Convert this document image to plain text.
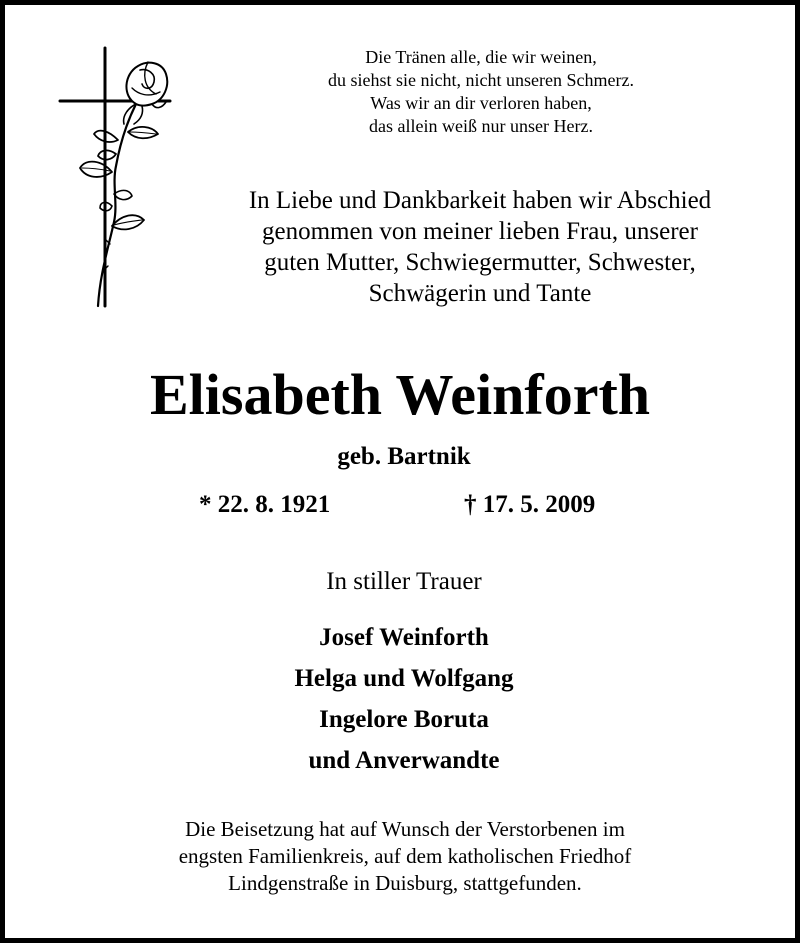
Die Tränen alle, die wir weinen,
du siehst sie nicht, nicht unseren Schmerz.
Was wir an dir verloren haben,
das allein weiß nur unser Herz.
In Liebe und Dankbarkeit haben wir Abschied
genommen von meiner lieben Frau, unserer
guten Mutter, Schwiegermutter, Schwester,
Schwägerin und Tante
Elisabeth Weinforth
geb. Bartnik
* 22. 8. 1921	† 17. 5. 2009
In stiller Trauer
Josef Weinforth
Helga und Wolfgang
Ingelore Boruta
und Anverwandte
Die Beisetzung hat auf Wunsch der Verstorbenen im
engsten Familienkreis, auf dem katholischen Friedhof
Lindgenstraße in Duisburg, stattgefunden.
